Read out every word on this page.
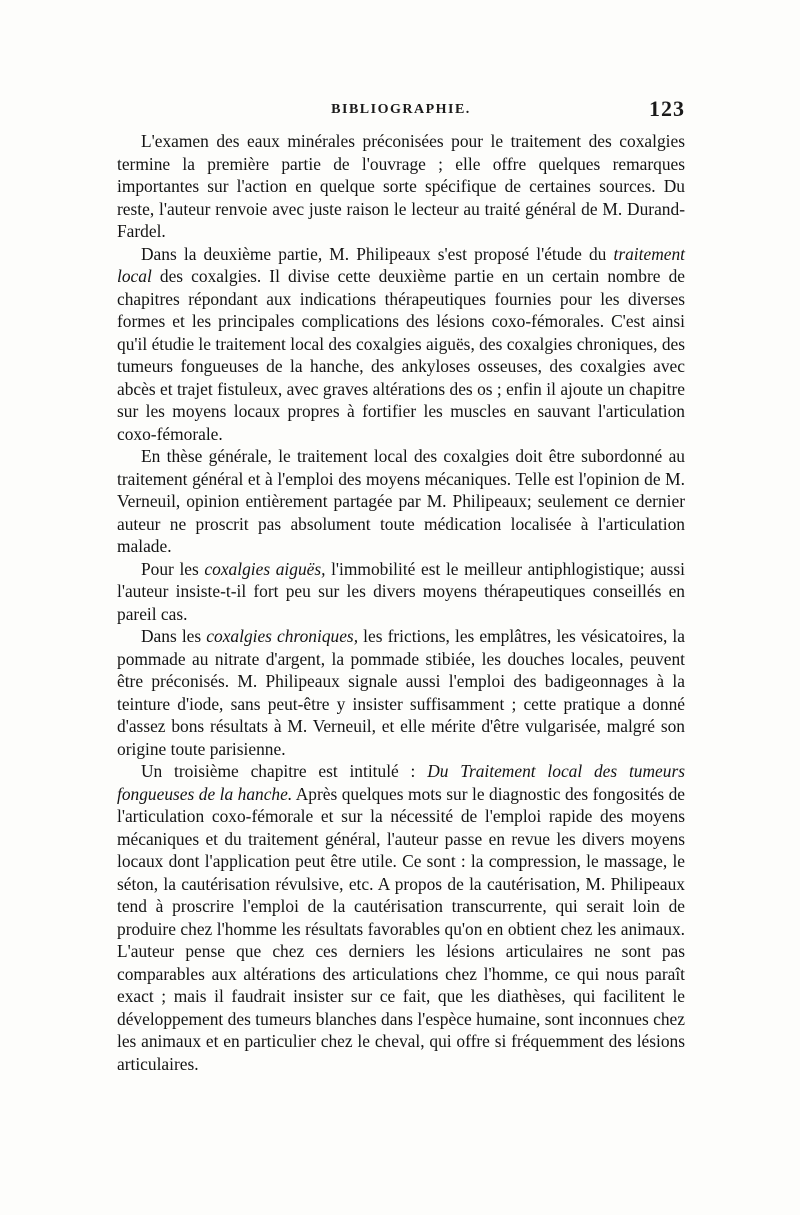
BIBLIOGRAPHIE.	123

L'examen des eaux minérales préconisées pour le traitement des coxalgies termine la première partie de l'ouvrage ; elle offre quelques remarques importantes sur l'action en quelque sorte spécifique de certaines sources. Du reste, l'auteur renvoie avec juste raison le lecteur au traité général de M. Durand-Fardel.

Dans la deuxième partie, M. Philipeaux s'est proposé l'étude du traitement local des coxalgies. Il divise cette deuxième partie en un certain nombre de chapitres répondant aux indications thérapeutiques fournies pour les diverses formes et les principales complications des lésions coxo-fémorales. C'est ainsi qu'il étudie le traitement local des coxalgies aiguës, des coxalgies chroniques, des tumeurs fongueuses de la hanche, des ankyloses osseuses, des coxalgies avec abcès et trajet fistuleux, avec graves altérations des os ; enfin il ajoute un chapitre sur les moyens locaux propres à fortifier les muscles en sauvant l'articulation coxo-fémorale.

En thèse générale, le traitement local des coxalgies doit être subordonné au traitement général et à l'emploi des moyens mécaniques. Telle est l'opinion de M. Verneuil, opinion entièrement partagée par M. Philipeaux; seulement ce dernier auteur ne proscrit pas absolument toute médication localisée à l'articulation malade.

Pour les coxalgies aiguës, l'immobilité est le meilleur antiphlogistique; aussi l'auteur insiste-t-il fort peu sur les divers moyens thérapeutiques conseillés en pareil cas.

Dans les coxalgies chroniques, les frictions, les emplâtres, les vésicatoires, la pommade au nitrate d'argent, la pommade stibiée, les douches locales, peuvent être préconisés. M. Philipeaux signale aussi l'emploi des badigeonnages à la teinture d'iode, sans peut-être y insister suffisamment ; cette pratique a donné d'assez bons résultats à M. Verneuil, et elle mérite d'être vulgarisée, malgré son origine toute parisienne.

Un troisième chapitre est intitulé : Du Traitement local des tumeurs fongueuses de la hanche. Après quelques mots sur le diagnostic des fongosités de l'articulation coxo-fémorale et sur la nécessité de l'emploi rapide des moyens mécaniques et du traitement général, l'auteur passe en revue les divers moyens locaux dont l'application peut être utile. Ce sont : la compression, le massage, le séton, la cautérisation révulsive, etc. A propos de la cautérisation, M. Philipeaux tend à proscrire l'emploi de la cautérisation transcurrente, qui serait loin de produire chez l'homme les résultats favorables qu'on en obtient chez les animaux. L'auteur pense que chez ces derniers les lésions articulaires ne sont pas comparables aux altérations des articulations chez l'homme, ce qui nous paraît exact ; mais il faudrait insister sur ce fait, que les diathèses, qui facilitent le développement des tumeurs blanches dans l'espèce humaine, sont inconnues chez les animaux et en particulier chez le cheval, qui offre si fréquemment des lésions articulaires.
